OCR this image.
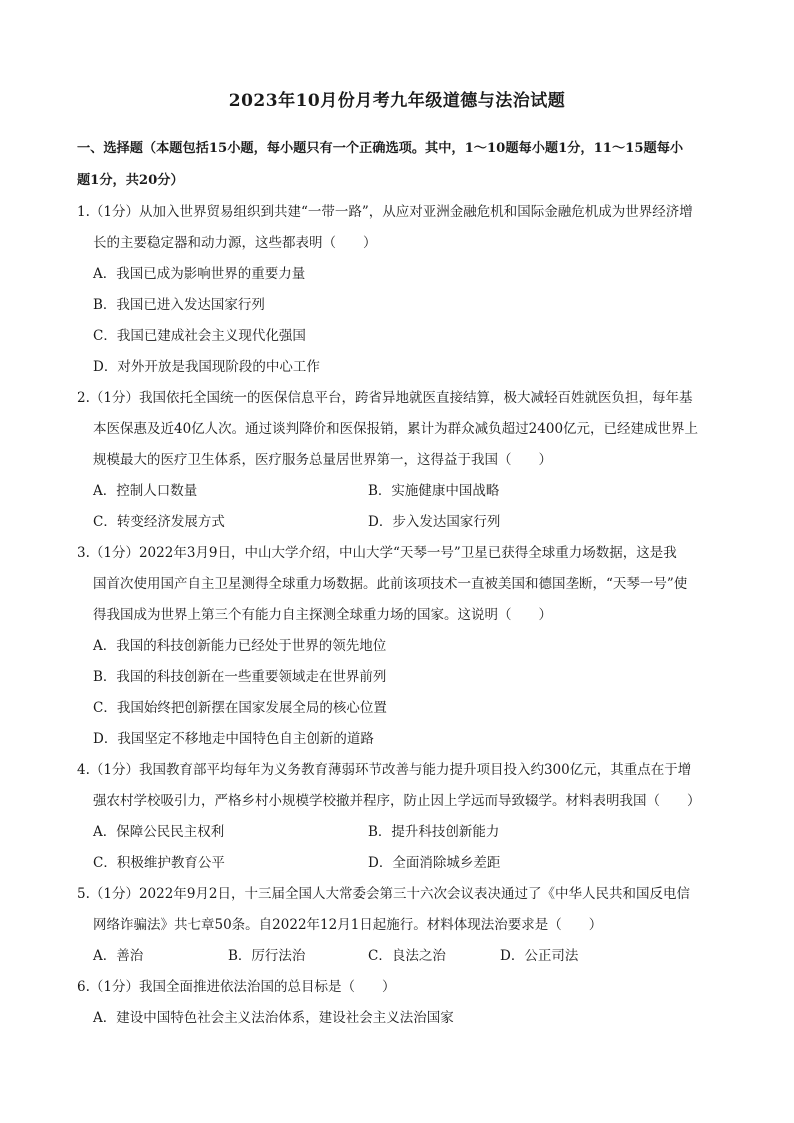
2023年10月份月考九年级道德与法治试题
一、选择题（本题包括15小题，每小题只有一个正确选项。其中，1～10题每小题1分，11～15题每小
题1分，共20分）
1.（1分）从加入世界贸易组织到共建“一带一路”，从应对亚洲金融危机和国际金融危机成为世界经济增
长的主要稳定器和动力源，这些都表明（　　）
A．我国已成为影响世界的重要力量
B．我国已进入发达国家行列
C．我国已建成社会主义现代化强国
D．对外开放是我国现阶段的中心工作
2.（1分）我国依托全国统一的医保信息平台，跨省异地就医直接结算，极大减轻百姓就医负担，每年基
本医保惠及近40亿人次。通过谈判降价和医保报销，累计为群众减负超过2400亿元，已经建成世界上
规模最大的医疗卫生体系，医疗服务总量居世界第一，这得益于我国（　　）
A．控制人口数量	B．实施健康中国战略
C．转变经济发展方式	D．步入发达国家行列
3.（1分）2022年3月9日，中山大学介绍，中山大学“天琴一号”卫星已获得全球重力场数据，这是我
国首次使用国产自主卫星测得全球重力场数据。此前该项技术一直被美国和德国垄断，“天琴一号”使
得我国成为世界上第三个有能力自主探测全球重力场的国家。这说明（　　）
A．我国的科技创新能力已经处于世界的领先地位
B．我国的科技创新在一些重要领域走在世界前列
C．我国始终把创新摆在国家发展全局的核心位置
D．我国坚定不移地走中国特色自主创新的道路
4.（1分）我国教育部平均每年为义务教育薄弱环节改善与能力提升项目投入约300亿元，其重点在于增
强农村学校吸引力，严格乡村小规模学校撤并程序，防止因上学远而导致辍学。材料表明我国（　　）
A．保障公民民主权利	B．提升科技创新能力
C．积极维护教育公平	D．全面消除城乡差距
5.（1分）2022年9月2日，十三届全国人大常委会第三十六次会议表决通过了《中华人民共和国反电信
网络诈骗法》共七章50条。自2022年12月1日起施行。材料体现法治要求是（　　）
A．善治	B．厉行法治	C．良法之治	D．公正司法
6.（1分）我国全面推进依法治国的总目标是（　　）
A．建设中国特色社会主义法治体系，建设社会主义法治国家
